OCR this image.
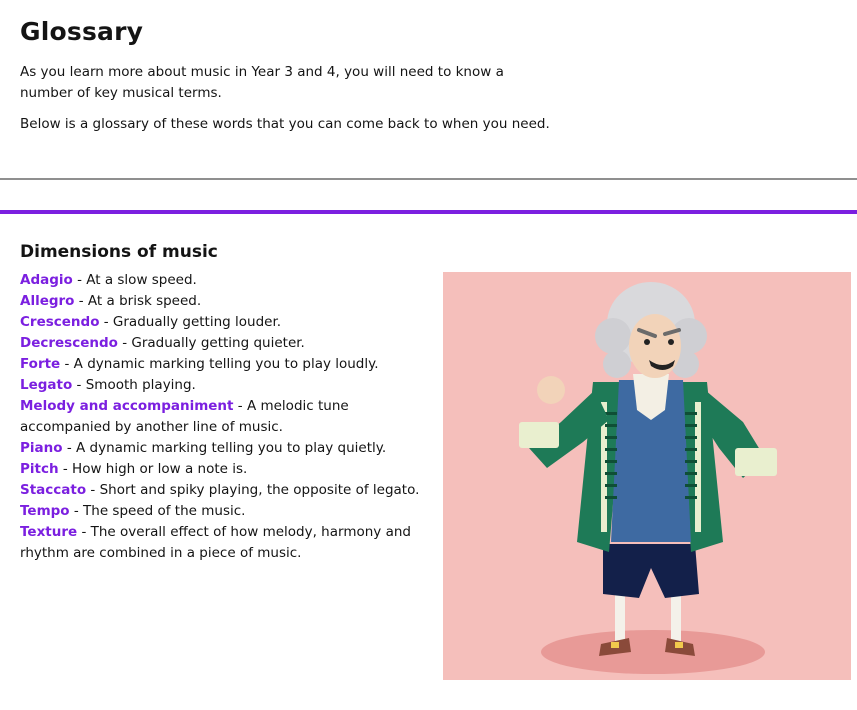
Glossary

As you learn more about music in Year 3 and 4, you will need to know a number of key musical terms.

Below is a glossary of these words that you can come back to when you need.

Dimensions of music
Adagio - At a slow speed.
Allegro - At a brisk speed.
Crescendo - Gradually getting louder.
Decrescendo - Gradually getting quieter.
Forte - A dynamic marking telling you to play loudly.
Legato - Smooth playing.
Melody and accompaniment - A melodic tune accompanied by another line of music.
Piano - A dynamic marking telling you to play quietly.
Pitch - How high or low a note is.
Staccato - Short and spiky playing, the opposite of legato.
Tempo - The speed of the music.
Texture - The overall effect of how melody, harmony and rhythm are combined in a piece of music.
